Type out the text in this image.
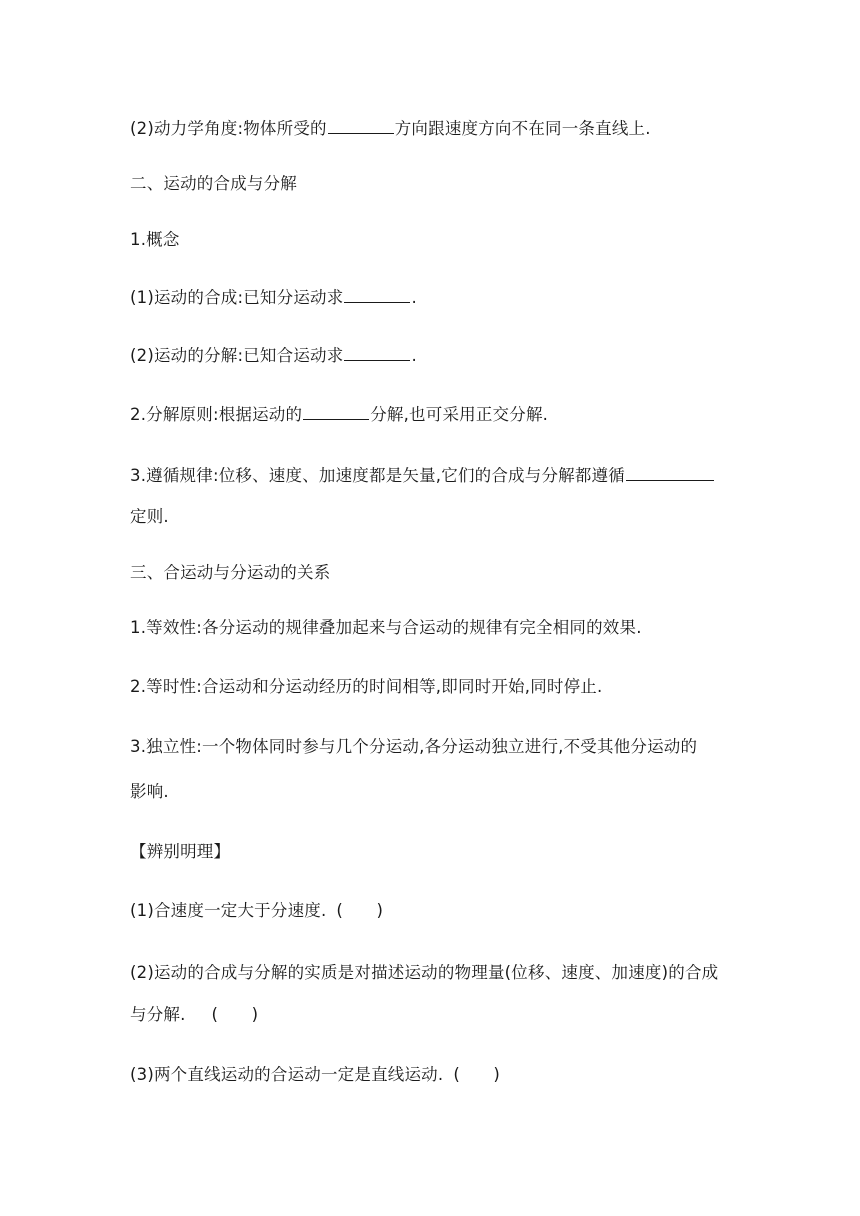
(2)动力学角度:物体所受的	方向跟速度方向不在同一条直线上.
二、运动的合成与分解
1.概念
(1)运动的合成:已知分运动求	.
(2)运动的分解:已知合运动求	.
2.分解原则:根据运动的	分解,也可采用正交分解.
3.遵循规律:位移、速度、加速度都是矢量,它们的合成与分解都遵循
定则.
三、合运动与分运动的关系
1.等效性:各分运动的规律叠加起来与合运动的规律有完全相同的效果.
2.等时性:合运动和分运动经历的时间相等,即同时开始,同时停止.
3.独立性:一个物体同时参与几个分运动,各分运动独立进行,不受其他分运动的
影响.
【辨别明理】
(1)合速度一定大于分速度. (　　)
(2)运动的合成与分解的实质是对描述运动的物理量(位移、速度、加速度)的合成
与分解. (　　)
(3)两个直线运动的合运动一定是直线运动. (　　)
